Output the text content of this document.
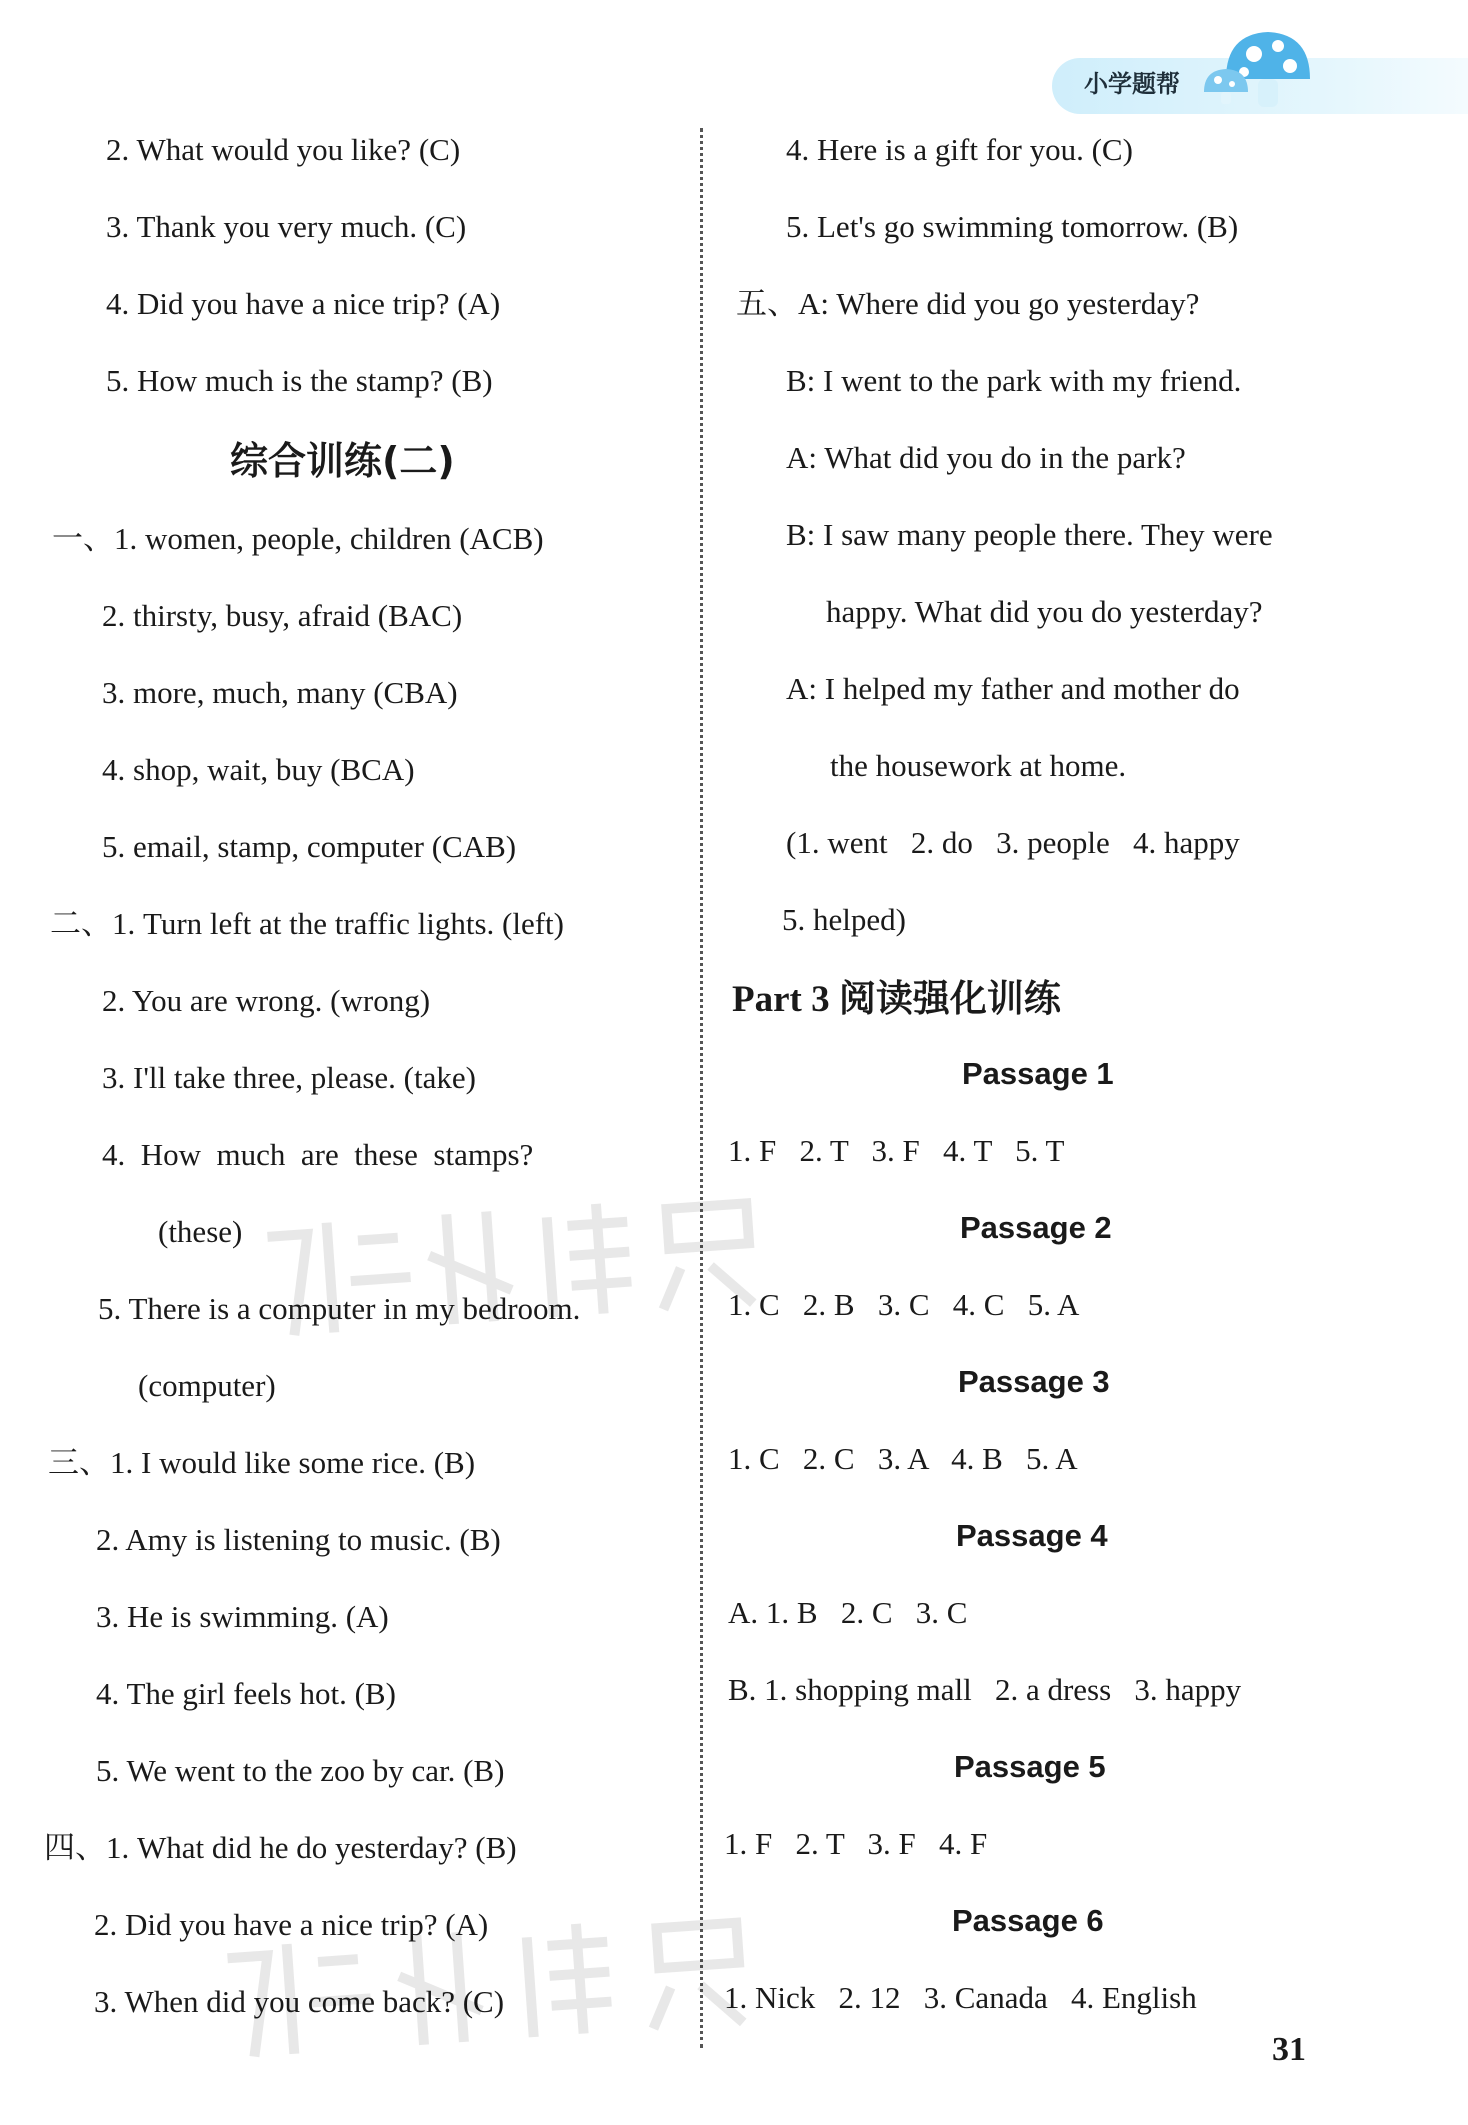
小学题帮
2. What would you like? (C)
3. Thank you very much. (C)
4. Did you have a nice trip? (A)
5. How much is the stamp? (B)
综合训练(二)
一、1. women, people, children (ACB)
2. thirsty, busy, afraid (BAC)
3. more, much, many (CBA)
4. shop, wait, buy (BCA)
5. email, stamp, computer (CAB)
二、1. Turn left at the traffic lights. (left)
2. You are wrong. (wrong)
3. I'll take three, please. (take)
4.  How  much  are  these  stamps?
(these)
5. There is a computer in my bedroom.
(computer)
三、1. I would like some rice. (B)
2. Amy is listening to music. (B)
3. He is swimming. (A)
4. The girl feels hot. (B)
5. We went to the zoo by car. (B)
四、1. What did he do yesterday? (B)
2. Did you have a nice trip? (A)
3. When did you come back? (C)
4. Here is a gift for you. (C)
5. Let's go swimming tomorrow. (B)
五、A: Where did you go yesterday?
B: I went to the park with my friend.
A: What did you do in the park?
B: I saw many people there. They were
happy. What did you do yesterday?
A: I helped my father and mother do
the housework at home.
(1. went   2. do   3. people   4. happy
5. helped)
Part 3 阅读强化训练
Passage 1
1. F   2. T   3. F   4. T   5. T
Passage 2
1. C   2. B   3. C   4. C   5. A
Passage 3
1. C   2. C   3. A   4. B   5. A
Passage 4
A. 1. B   2. C   3. C
B. 1. shopping mall   2. a dress   3. happy
Passage 5
1. F   2. T   3. F   4. F
Passage 6
1. Nick   2. 12   3. Canada   4. English
31
